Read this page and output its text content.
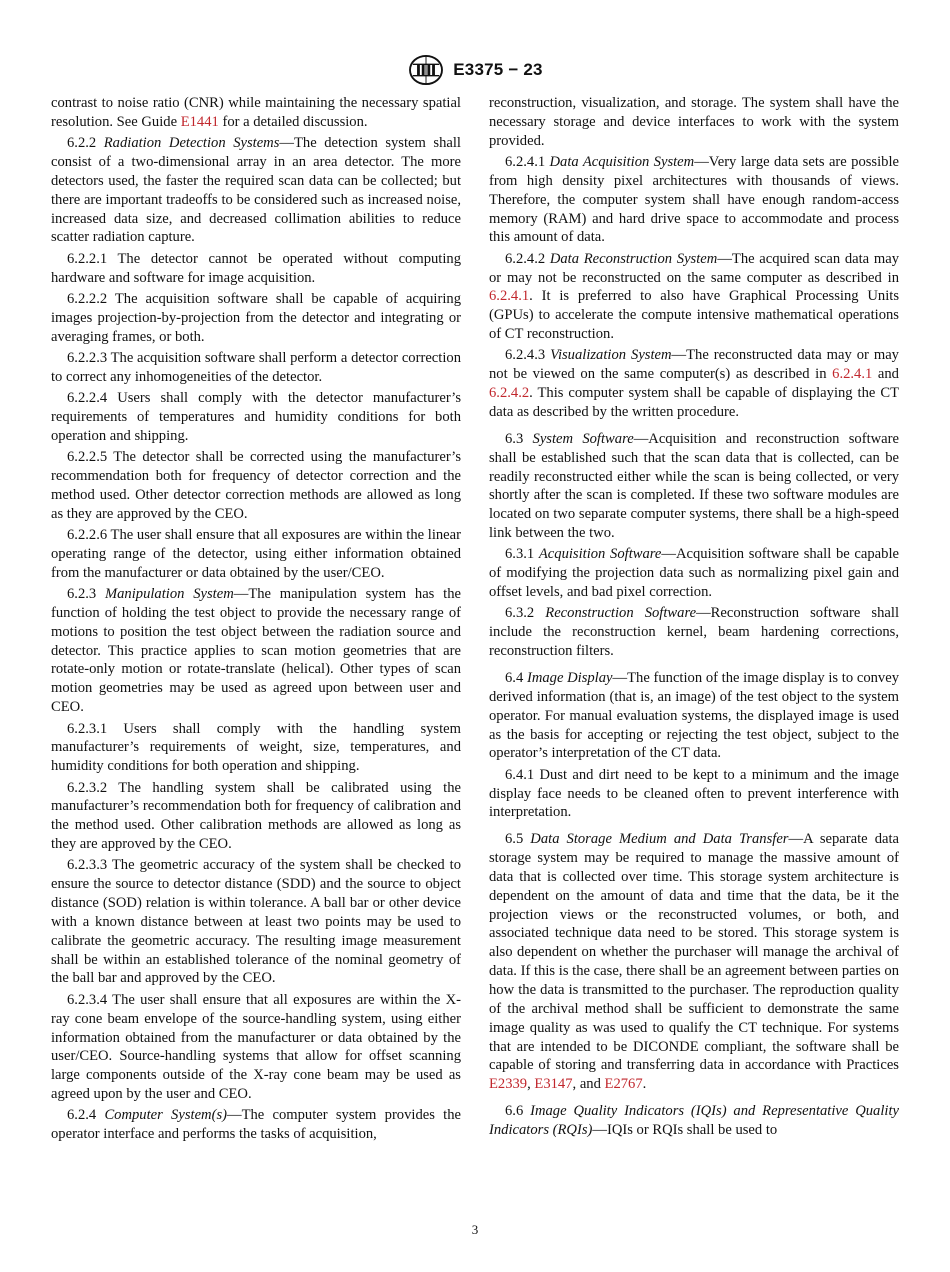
E3375 − 23

contrast to noise ratio (CNR) while maintaining the necessary spatial resolution. See Guide E1441 for a detailed discussion.

6.2.2 Radiation Detection Systems—The detection system shall consist of a two-dimensional array in an area detector. The more detectors used, the faster the required scan data can be collected; but there are important tradeoffs to be considered such as increased noise, increased data size, and decreased collimation abilities to reduce scatter radiation capture.

6.2.2.1 The detector cannot be operated without computing hardware and software for image acquisition.

6.2.2.2 The acquisition software shall be capable of acquiring images projection-by-projection from the detector and integrating or averaging frames, or both.

6.2.2.3 The acquisition software shall perform a detector correction to correct any inhomogeneities of the detector.

6.2.2.4 Users shall comply with the detector manufacturer’s requirements of temperatures and humidity conditions for both operation and shipping.

6.2.2.5 The detector shall be corrected using the manufacturer’s recommendation both for frequency of detector correction and the method used. Other detector correction methods are allowed as long as they are approved by the CEO.

6.2.2.6 The user shall ensure that all exposures are within the linear operating range of the detector, using either information obtained from the manufacturer or data obtained by the user/CEO.

6.2.3 Manipulation System—The manipulation system has the function of holding the test object to provide the necessary range of motions to position the test object between the radiation source and detector. This practice applies to scan motion geometries that are rotate-only motion or rotate-translate (helical). Other types of scan motion geometries may be used as agreed upon between user and CEO.

6.2.3.1 Users shall comply with the handling system manufacturer’s requirements of weight, size, temperatures, and humidity conditions for both operation and shipping.

6.2.3.2 The handling system shall be calibrated using the manufacturer’s recommendation both for frequency of calibration and the method used. Other calibration methods are allowed as long as they are approved by the CEO.

6.2.3.3 The geometric accuracy of the system shall be checked to ensure the source to detector distance (SDD) and the source to object distance (SOD) relation is within tolerance. A ball bar or other device with a known distance between at least two points may be used to calibrate the geometric accuracy. The resulting image measurement shall be within an established tolerance of the nominal geometry of the ball bar and approved by the CEO.

6.2.3.4 The user shall ensure that all exposures are within the X-ray cone beam envelope of the source-handling system, using either information obtained from the manufacturer or data obtained by the user/CEO. Source-handling systems that allow for offset scanning large components outside of the X-ray cone beam may be used as agreed upon by the user and CEO.

6.2.4 Computer System(s)—The computer system provides the operator interface and performs the tasks of acquisition,

reconstruction, visualization, and storage. The system shall have the necessary storage and device interfaces to work with the system provided.

6.2.4.1 Data Acquisition System—Very large data sets are possible from high density pixel architectures with thousands of views. Therefore, the computer system shall have enough random-access memory (RAM) and hard drive space to accommodate and process this amount of data.

6.2.4.2 Data Reconstruction System—The acquired scan data may or may not be reconstructed on the same computer as described in 6.2.4.1. It is preferred to also have Graphical Processing Units (GPUs) to accelerate the compute intensive mathematical operations of CT reconstruction.

6.2.4.3 Visualization System—The reconstructed data may or may not be viewed on the same computer(s) as described in 6.2.4.1 and 6.2.4.2. This computer system shall be capable of displaying the CT data as described by the written procedure.

6.3 System Software—Acquisition and reconstruction software shall be established such that the scan data that is collected, can be readily reconstructed either while the scan is being collected, or very shortly after the scan is completed. If these two software modules are located on two separate computer systems, there shall be a high-speed link between the two.

6.3.1 Acquisition Software—Acquisition software shall be capable of modifying the projection data such as normalizing pixel gain and offset levels, and bad pixel correction.

6.3.2 Reconstruction Software—Reconstruction software shall include the reconstruction kernel, beam hardening corrections, reconstruction filters.

6.4 Image Display—The function of the image display is to convey derived information (that is, an image) of the test object to the system operator. For manual evaluation systems, the displayed image is used as the basis for accepting or rejecting the test object, subject to the operator’s interpretation of the CT data.

6.4.1 Dust and dirt need to be kept to a minimum and the image display face needs to be cleaned often to prevent interference with interpretation.

6.5 Data Storage Medium and Data Transfer—A separate data storage system may be required to manage the massive amount of data that is collected over time. This storage system architecture is dependent on the amount of data and time that the data, be it the projection views or the reconstructed volumes, or both, and associated technique data need to be stored. This storage system is also dependent on whether the purchaser will manage the archival of data. If this is the case, there shall be an agreement between parties on how the data is transmitted to the purchaser. The reproduction quality of the archival method shall be sufficient to demonstrate the same image quality as was used to qualify the CT technique. For systems that are intended to be DICONDE compliant, the software shall be capable of storing and transferring data in accordance with Practices E2339, E3147, and E2767.

6.6 Image Quality Indicators (IQIs) and Representative Quality Indicators (RQIs)—IQIs or RQIs shall be used to

3
